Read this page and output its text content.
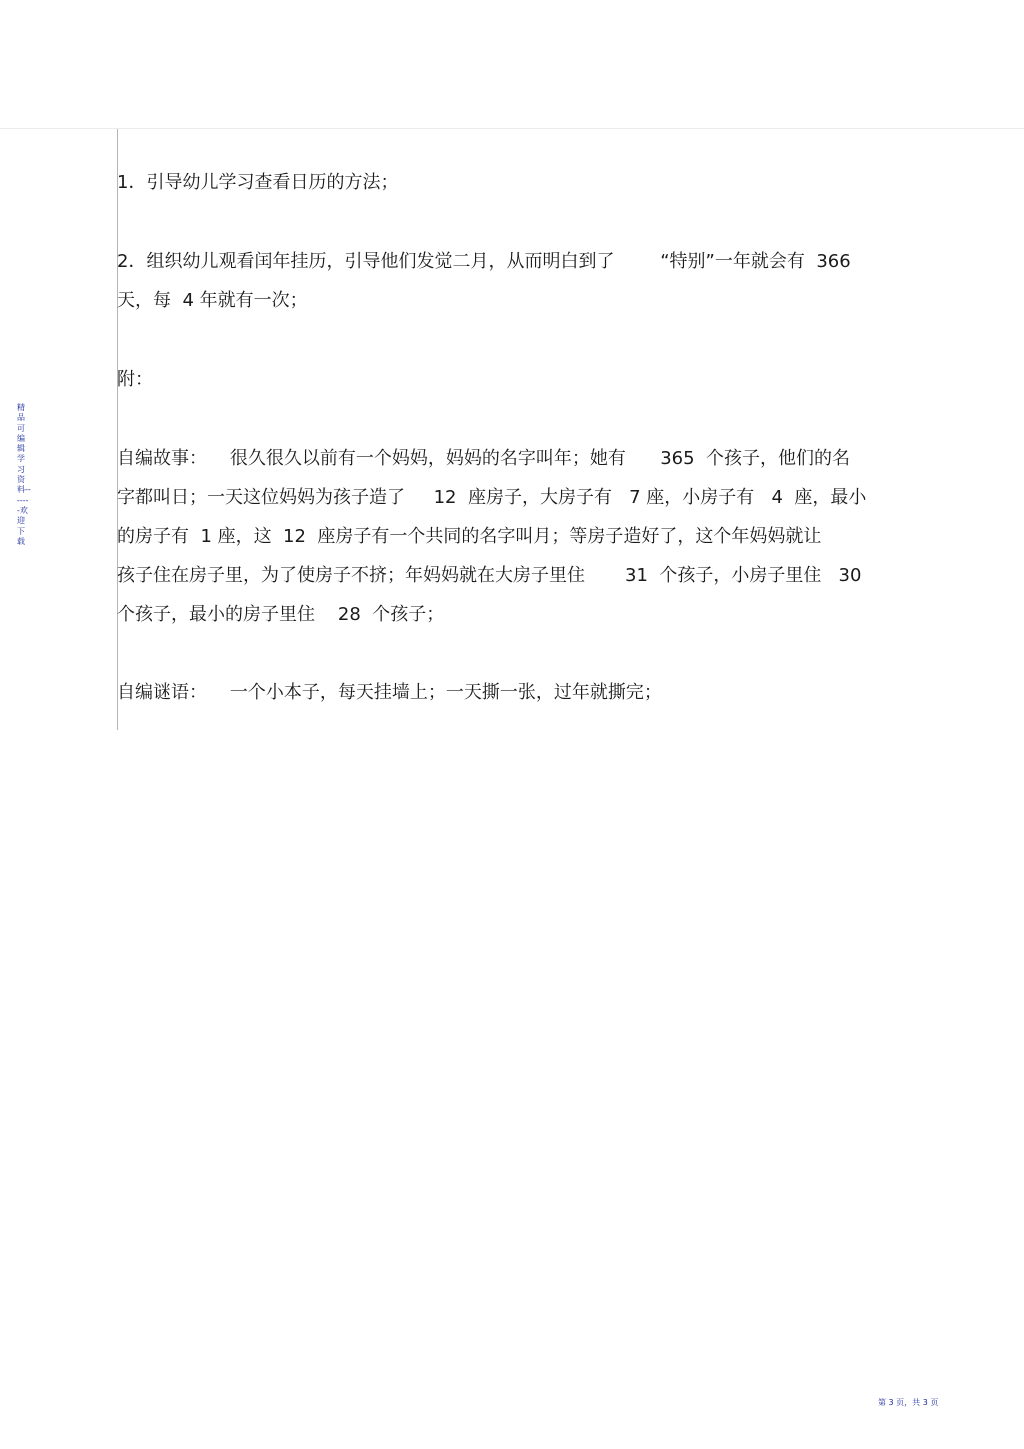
精品可编辑学习资料-------欢迎下载
1．引导幼儿学习查看日历的方法；
2．组织幼儿观看闰年挂历，引导他们发觉二月，从而明白到了        “特别”一年就会有  366
天，每  4 年就有一次；
附：
自编故事：    很久很久以前有一个妈妈，妈妈的名字叫年；她有      365  个孩子，他们的名
字都叫日；一天这位妈妈为孩子造了     12  座房子，大房子有   7 座，小房子有   4  座，最小
的房子有  1 座，这  12  座房子有一个共同的名字叫月；等房子造好了，这个年妈妈就让
孩子住在房子里，为了使房子不挤；年妈妈就在大房子里住       31  个孩子，小房子里住   30
个孩子，最小的房子里住    28  个孩子；
自编谜语：    一个小本子，每天挂墙上；一天撕一张，过年就撕完；
第 3 页，共 3 页
